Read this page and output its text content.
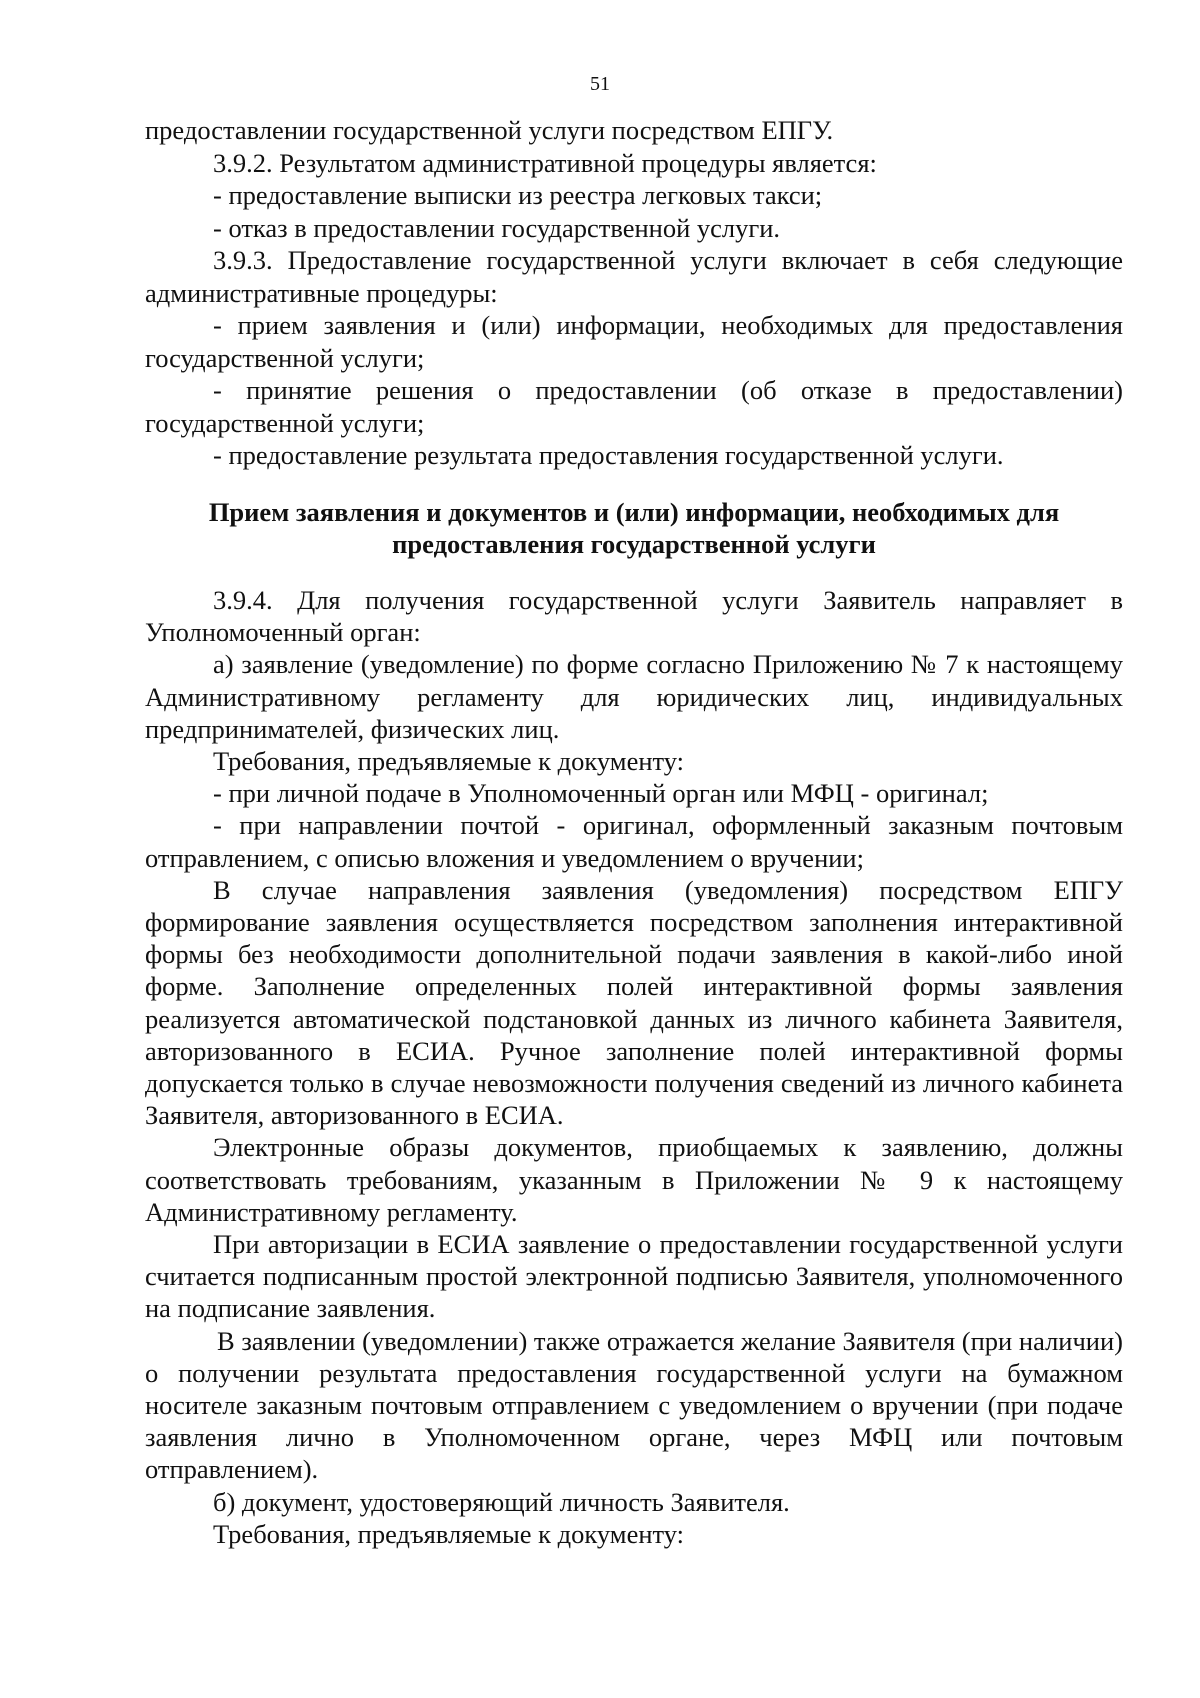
51

предоставлении государственной услуги посредством ЕПГУ.

3.9.2. Результатом административной процедуры является:

- предоставление выписки из реестра легковых такси;

- отказ в предоставлении государственной услуги.

3.9.3. Предоставление государственной услуги включает в себя следующие административные процедуры:

- прием заявления и (или) информации, необходимых для предоставления государственной услуги;

- принятие решения о предоставлении (об отказе в предоставлении) государственной услуги;

- предоставление результата предоставления государственной услуги.

Прием заявления и документов и (или) информации, необходимых для предоставления государственной услуги

3.9.4. Для получения государственной услуги Заявитель направляет в Уполномоченный орган:

а) заявление (уведомление) по форме согласно Приложению № 7 к настоящему Административному регламенту для юридических лиц, индивидуальных предпринимателей, физических лиц.

Требования, предъявляемые к документу:

- при личной подаче в Уполномоченный орган или МФЦ - оригинал;

- при направлении почтой - оригинал, оформленный заказным почтовым отправлением, с описью вложения и уведомлением о вручении;

В случае направления заявления (уведомления) посредством ЕПГУ формирование заявления осуществляется посредством заполнения интерактивной формы без необходимости дополнительной подачи заявления в какой-либо иной форме. Заполнение определенных полей интерактивной формы заявления реализуется автоматической подстановкой данных из личного кабинета Заявителя, авторизованного в ЕСИА. Ручное заполнение полей интерактивной формы допускается только в случае невозможности получения сведений из личного кабинета Заявителя, авторизованного в ЕСИА.

Электронные образы документов, приобщаемых к заявлению, должны соответствовать требованиям, указанным в Приложении № 9 к настоящему Административному регламенту.

При авторизации в ЕСИА заявление о предоставлении государственной услуги считается подписанным простой электронной подписью Заявителя, уполномоченного на подписание заявления.

В заявлении (уведомлении) также отражается желание Заявителя (при наличии) о получении результата предоставления государственной услуги на бумажном носителе заказным почтовым отправлением с уведомлением о вручении (при подаче заявления лично в Уполномоченном органе, через МФЦ или почтовым отправлением).

б) документ, удостоверяющий личность Заявителя.

Требования, предъявляемые к документу:
